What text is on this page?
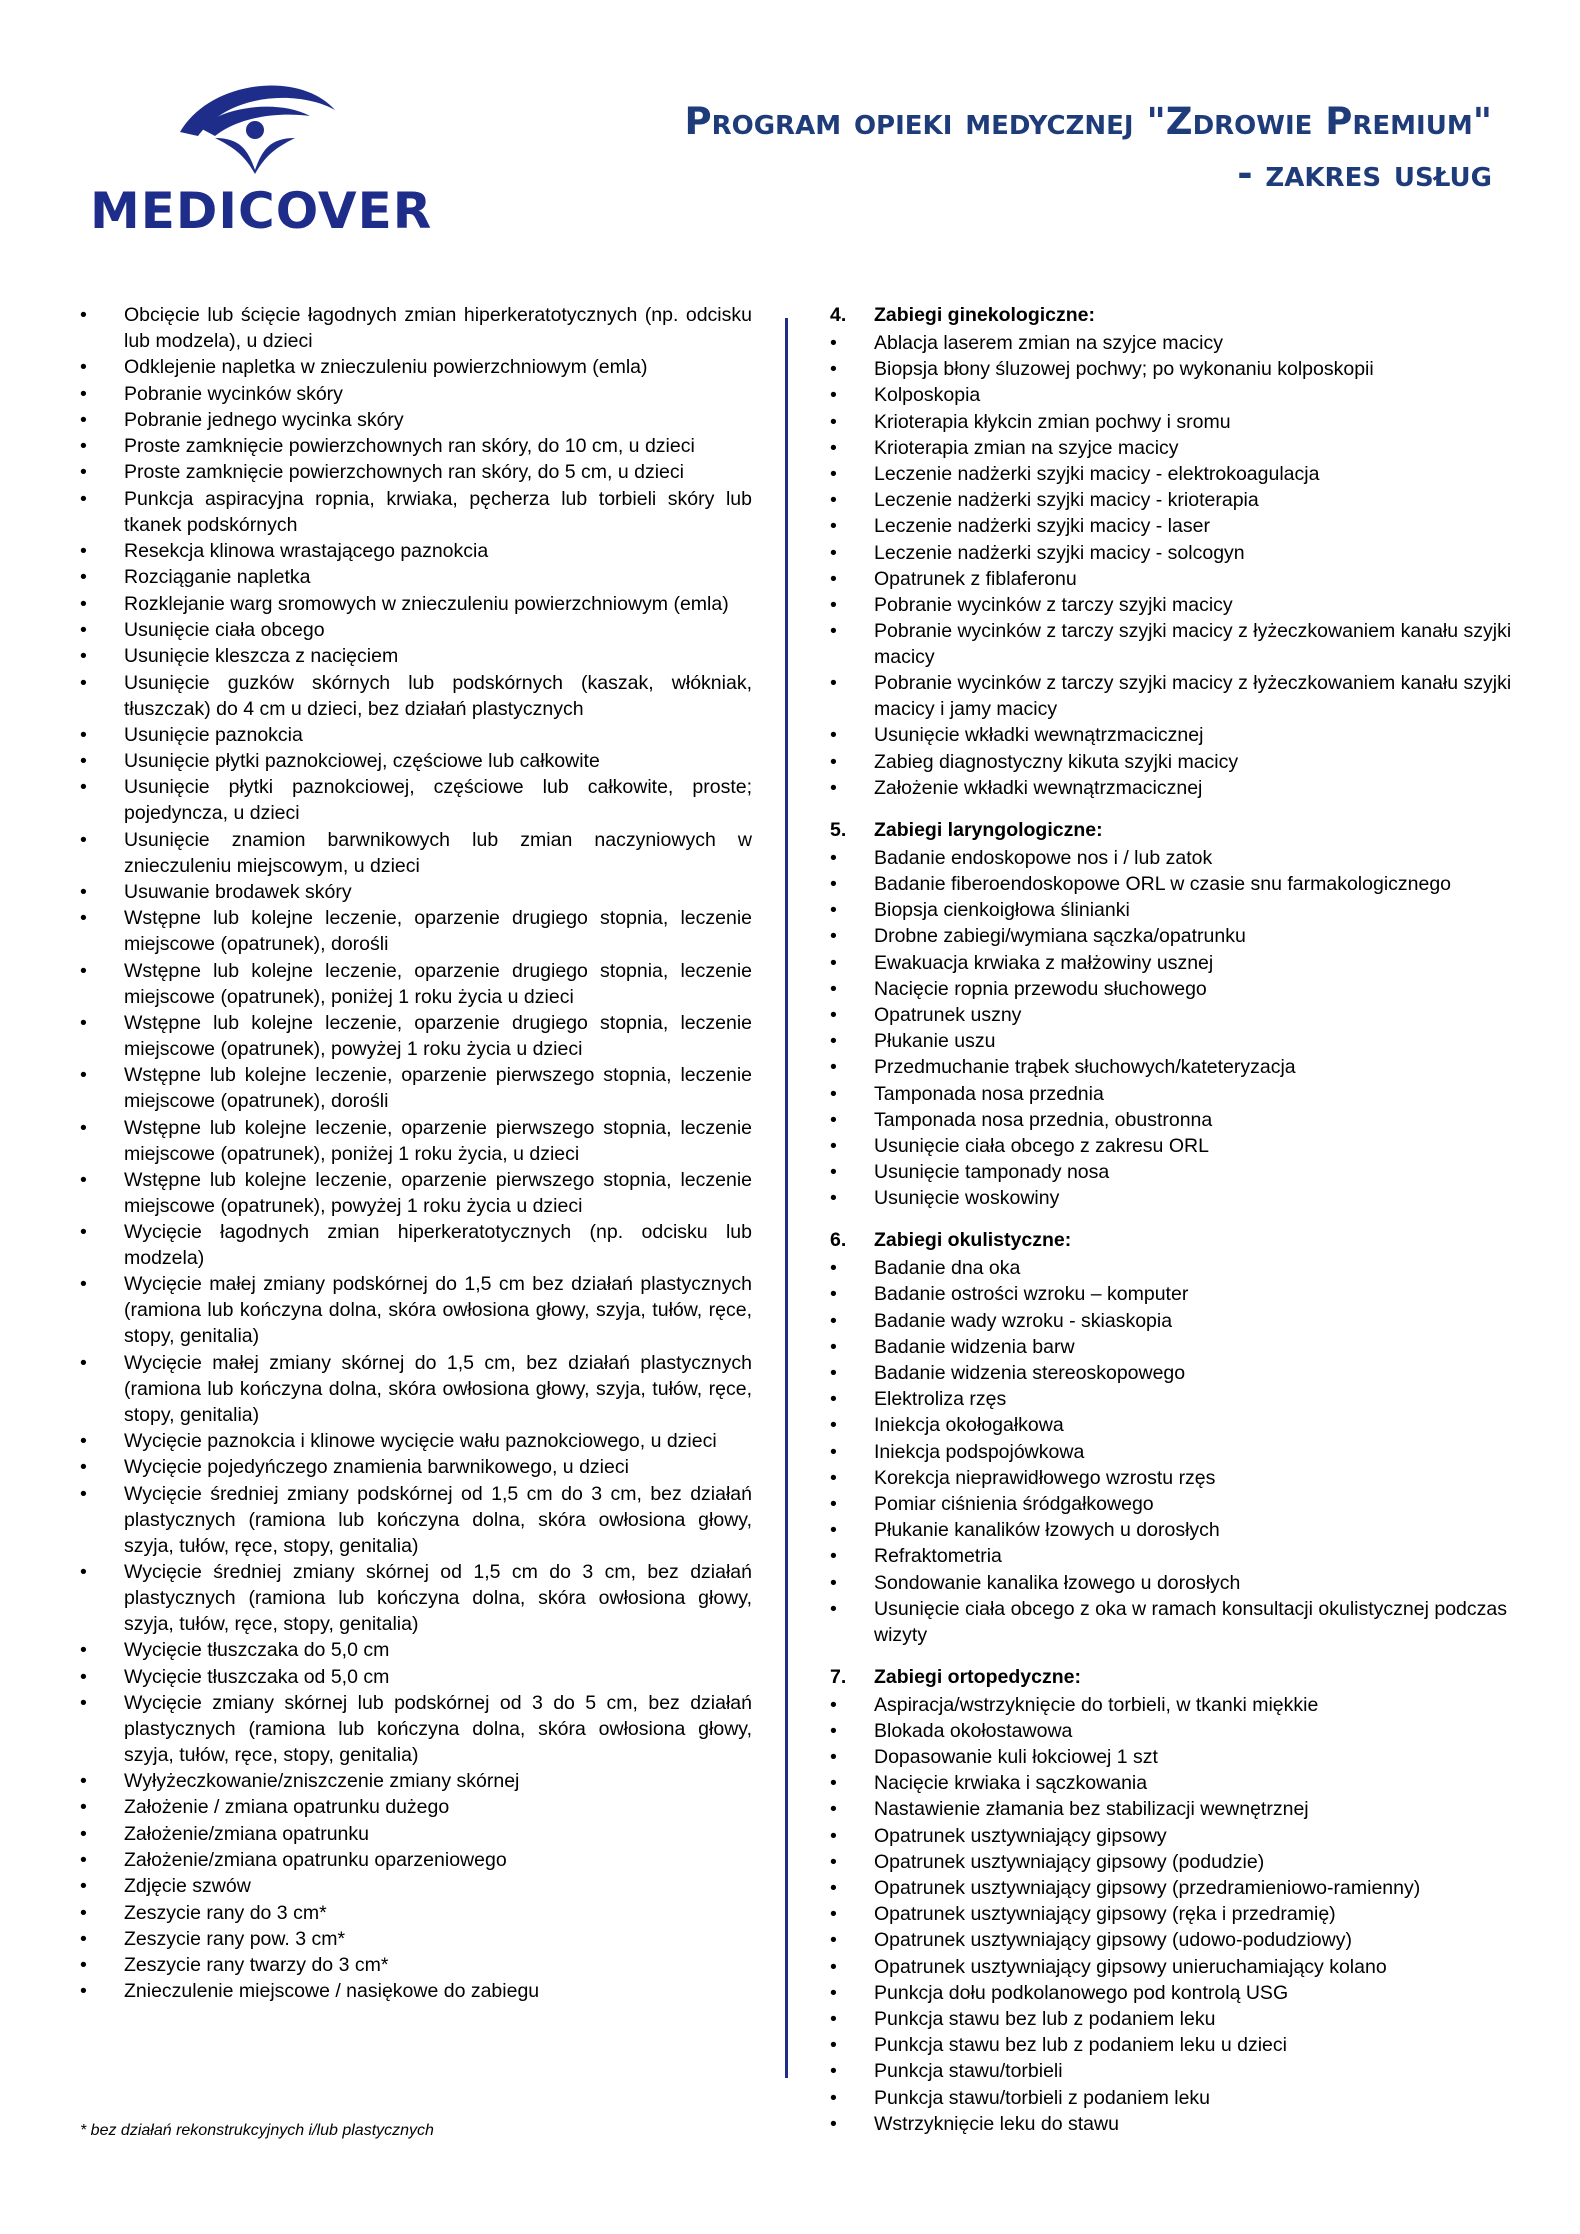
MEDICOVER
Program opieki medycznej "Zdrowie Premium"
- zakres usług
• Obcięcie lub ścięcie łagodnych zmian hiperkeratotycznych (np. odcisku lub modzela), u dzieci
• Odklejenie napletka w znieczuleniu powierzchniowym (emla)
• Pobranie wycinków skóry
• Pobranie jednego wycinka skóry
• Proste zamknięcie powierzchownych ran skóry, do 10 cm, u dzieci
• Proste zamknięcie powierzchownych ran skóry, do 5 cm, u dzieci
• Punkcja aspiracyjna ropnia, krwiaka, pęcherza lub torbieli skóry lub tkanek podskórnych
• Resekcja klinowa wrastającego paznokcia
• Rozciąganie napletka
• Rozklejanie warg sromowych w znieczuleniu powierzchniowym (emla)
• Usunięcie ciała obcego
• Usunięcie kleszcza z nacięciem
• Usunięcie guzków skórnych lub podskórnych (kaszak, włókniak, tłuszczak) do 4 cm u dzieci, bez działań plastycznych
• Usunięcie paznokcia
• Usunięcie płytki paznokciowej, częściowe lub całkowite
• Usunięcie płytki paznokciowej, częściowe lub całkowite, proste; pojedyncza, u dzieci
• Usunięcie znamion barwnikowych lub zmian naczyniowych w znieczuleniu miejscowym, u dzieci
• Usuwanie brodawek skóry
• Wstępne lub kolejne leczenie, oparzenie drugiego stopnia, leczenie miejscowe (opatrunek), dorośli
• Wstępne lub kolejne leczenie, oparzenie drugiego stopnia, leczenie miejscowe (opatrunek), poniżej 1 roku życia u dzieci
• Wstępne lub kolejne leczenie, oparzenie drugiego stopnia, leczenie miejscowe (opatrunek), powyżej 1 roku życia u dzieci
• Wstępne lub kolejne leczenie, oparzenie pierwszego stopnia, leczenie miejscowe (opatrunek), dorośli
• Wstępne lub kolejne leczenie, oparzenie pierwszego stopnia, leczenie miejscowe (opatrunek), poniżej 1 roku życia, u dzieci
• Wstępne lub kolejne leczenie, oparzenie pierwszego stopnia, leczenie miejscowe (opatrunek), powyżej 1 roku życia u dzieci
• Wycięcie łagodnych zmian hiperkeratotycznych (np. odcisku lub modzela)
• Wycięcie małej zmiany podskórnej do 1,5 cm bez działań plastycznych (ramiona lub kończyna dolna, skóra owłosiona głowy, szyja, tułów, ręce, stopy, genitalia)
• Wycięcie małej zmiany skórnej do 1,5 cm, bez działań plastycznych (ramiona lub kończyna dolna, skóra owłosiona głowy, szyja, tułów, ręce, stopy, genitalia)
• Wycięcie paznokcia i klinowe wycięcie wału paznokciowego, u dzieci
• Wycięcie pojedyńczego znamienia barwnikowego, u dzieci
• Wycięcie średniej zmiany podskórnej od 1,5 cm do 3 cm, bez działań plastycznych (ramiona lub kończyna dolna, skóra owłosiona głowy, szyja, tułów, ręce, stopy, genitalia)
• Wycięcie średniej zmiany skórnej od 1,5 cm do 3 cm, bez działań plastycznych (ramiona lub kończyna dolna, skóra owłosiona głowy, szyja, tułów, ręce, stopy, genitalia)
• Wycięcie tłuszczaka do 5,0 cm
• Wycięcie tłuszczaka od 5,0 cm
• Wycięcie zmiany skórnej lub podskórnej od 3 do 5 cm, bez działań plastycznych (ramiona lub kończyna dolna, skóra owłosiona głowy, szyja, tułów, ręce, stopy, genitalia)
• Wyłyżeczkowanie/zniszczenie zmiany skórnej
• Założenie / zmiana opatrunku dużego
• Założenie/zmiana opatrunku
• Założenie/zmiana opatrunku oparzeniowego
• Zdjęcie szwów
• Zeszycie rany do 3 cm*
• Zeszycie rany pow. 3 cm*
• Zeszycie rany twarzy do 3 cm*
• Znieczulenie miejscowe / nasiękowe do zabiegu
4. Zabiegi ginekologiczne:
• Ablacja laserem zmian na szyjce macicy
• Biopsja błony śluzowej pochwy; po wykonaniu kolposkopii
• Kolposkopia
• Krioterapia kłykcin zmian pochwy i sromu
• Krioterapia zmian na szyjce macicy
• Leczenie nadżerki szyjki macicy - elektrokoagulacja
• Leczenie nadżerki szyjki macicy - krioterapia
• Leczenie nadżerki szyjki macicy - laser
• Leczenie nadżerki szyjki macicy - solcogyn
• Opatrunek z fiblaferonu
• Pobranie wycinków z tarczy szyjki macicy
• Pobranie wycinków z tarczy szyjki macicy z łyżeczkowaniem kanału szyjki macicy
• Pobranie wycinków z tarczy szyjki macicy z łyżeczkowaniem kanału szyjki macicy i jamy macicy
• Usunięcie wkładki wewnątrzmacicznej
• Zabieg diagnostyczny kikuta szyjki macicy
• Założenie wkładki wewnątrzmacicznej
5. Zabiegi laryngologiczne:
• Badanie endoskopowe nos i / lub zatok
• Badanie fiberoendoskopowe ORL w czasie snu farmakologicznego
• Biopsja cienkoigłowa ślinianki
• Drobne zabiegi/wymiana sączka/opatrunku
• Ewakuacja krwiaka z małżowiny usznej
• Nacięcie ropnia przewodu słuchowego
• Opatrunek uszny
• Płukanie uszu
• Przedmuchanie trąbek słuchowych/kateteryzacja
• Tamponada nosa przednia
• Tamponada nosa przednia, obustronna
• Usunięcie ciała obcego z zakresu ORL
• Usunięcie tamponady nosa
• Usunięcie woskowiny
6. Zabiegi okulistyczne:
• Badanie dna oka
• Badanie ostrości wzroku – komputer
• Badanie wady wzroku - skiaskopia
• Badanie widzenia barw
• Badanie widzenia stereoskopowego
• Elektroliza rzęs
• Iniekcja okołogałkowa
• Iniekcja podspojówkowa
• Korekcja nieprawidłowego wzrostu rzęs
• Pomiar ciśnienia śródgałkowego
• Płukanie kanalików łzowych u dorosłych
• Refraktometria
• Sondowanie kanalika łzowego u dorosłych
• Usunięcie ciała obcego z oka w ramach konsultacji okulistycznej podczas wizyty
7. Zabiegi ortopedyczne:
• Aspiracja/wstrzyknięcie do torbieli, w tkanki miękkie
• Blokada okołostawowa
• Dopasowanie kuli łokciowej 1 szt
• Nacięcie krwiaka i sączkowania
• Nastawienie złamania bez stabilizacji wewnętrznej
• Opatrunek usztywniający gipsowy
• Opatrunek usztywniający gipsowy (podudzie)
• Opatrunek usztywniający gipsowy (przedramieniowo-ramienny)
• Opatrunek usztywniający gipsowy (ręka i przedramię)
• Opatrunek usztywniający gipsowy (udowo-podudziowy)
• Opatrunek usztywniający gipsowy unieruchamiający kolano
• Punkcja dołu podkolanowego pod kontrolą USG
• Punkcja stawu bez lub z podaniem leku
• Punkcja stawu bez lub z podaniem leku u dzieci
• Punkcja stawu/torbieli
• Punkcja stawu/torbieli z podaniem leku
• Wstrzyknięcie leku do stawu
* bez działań rekonstrukcyjnych i/lub plastycznych
